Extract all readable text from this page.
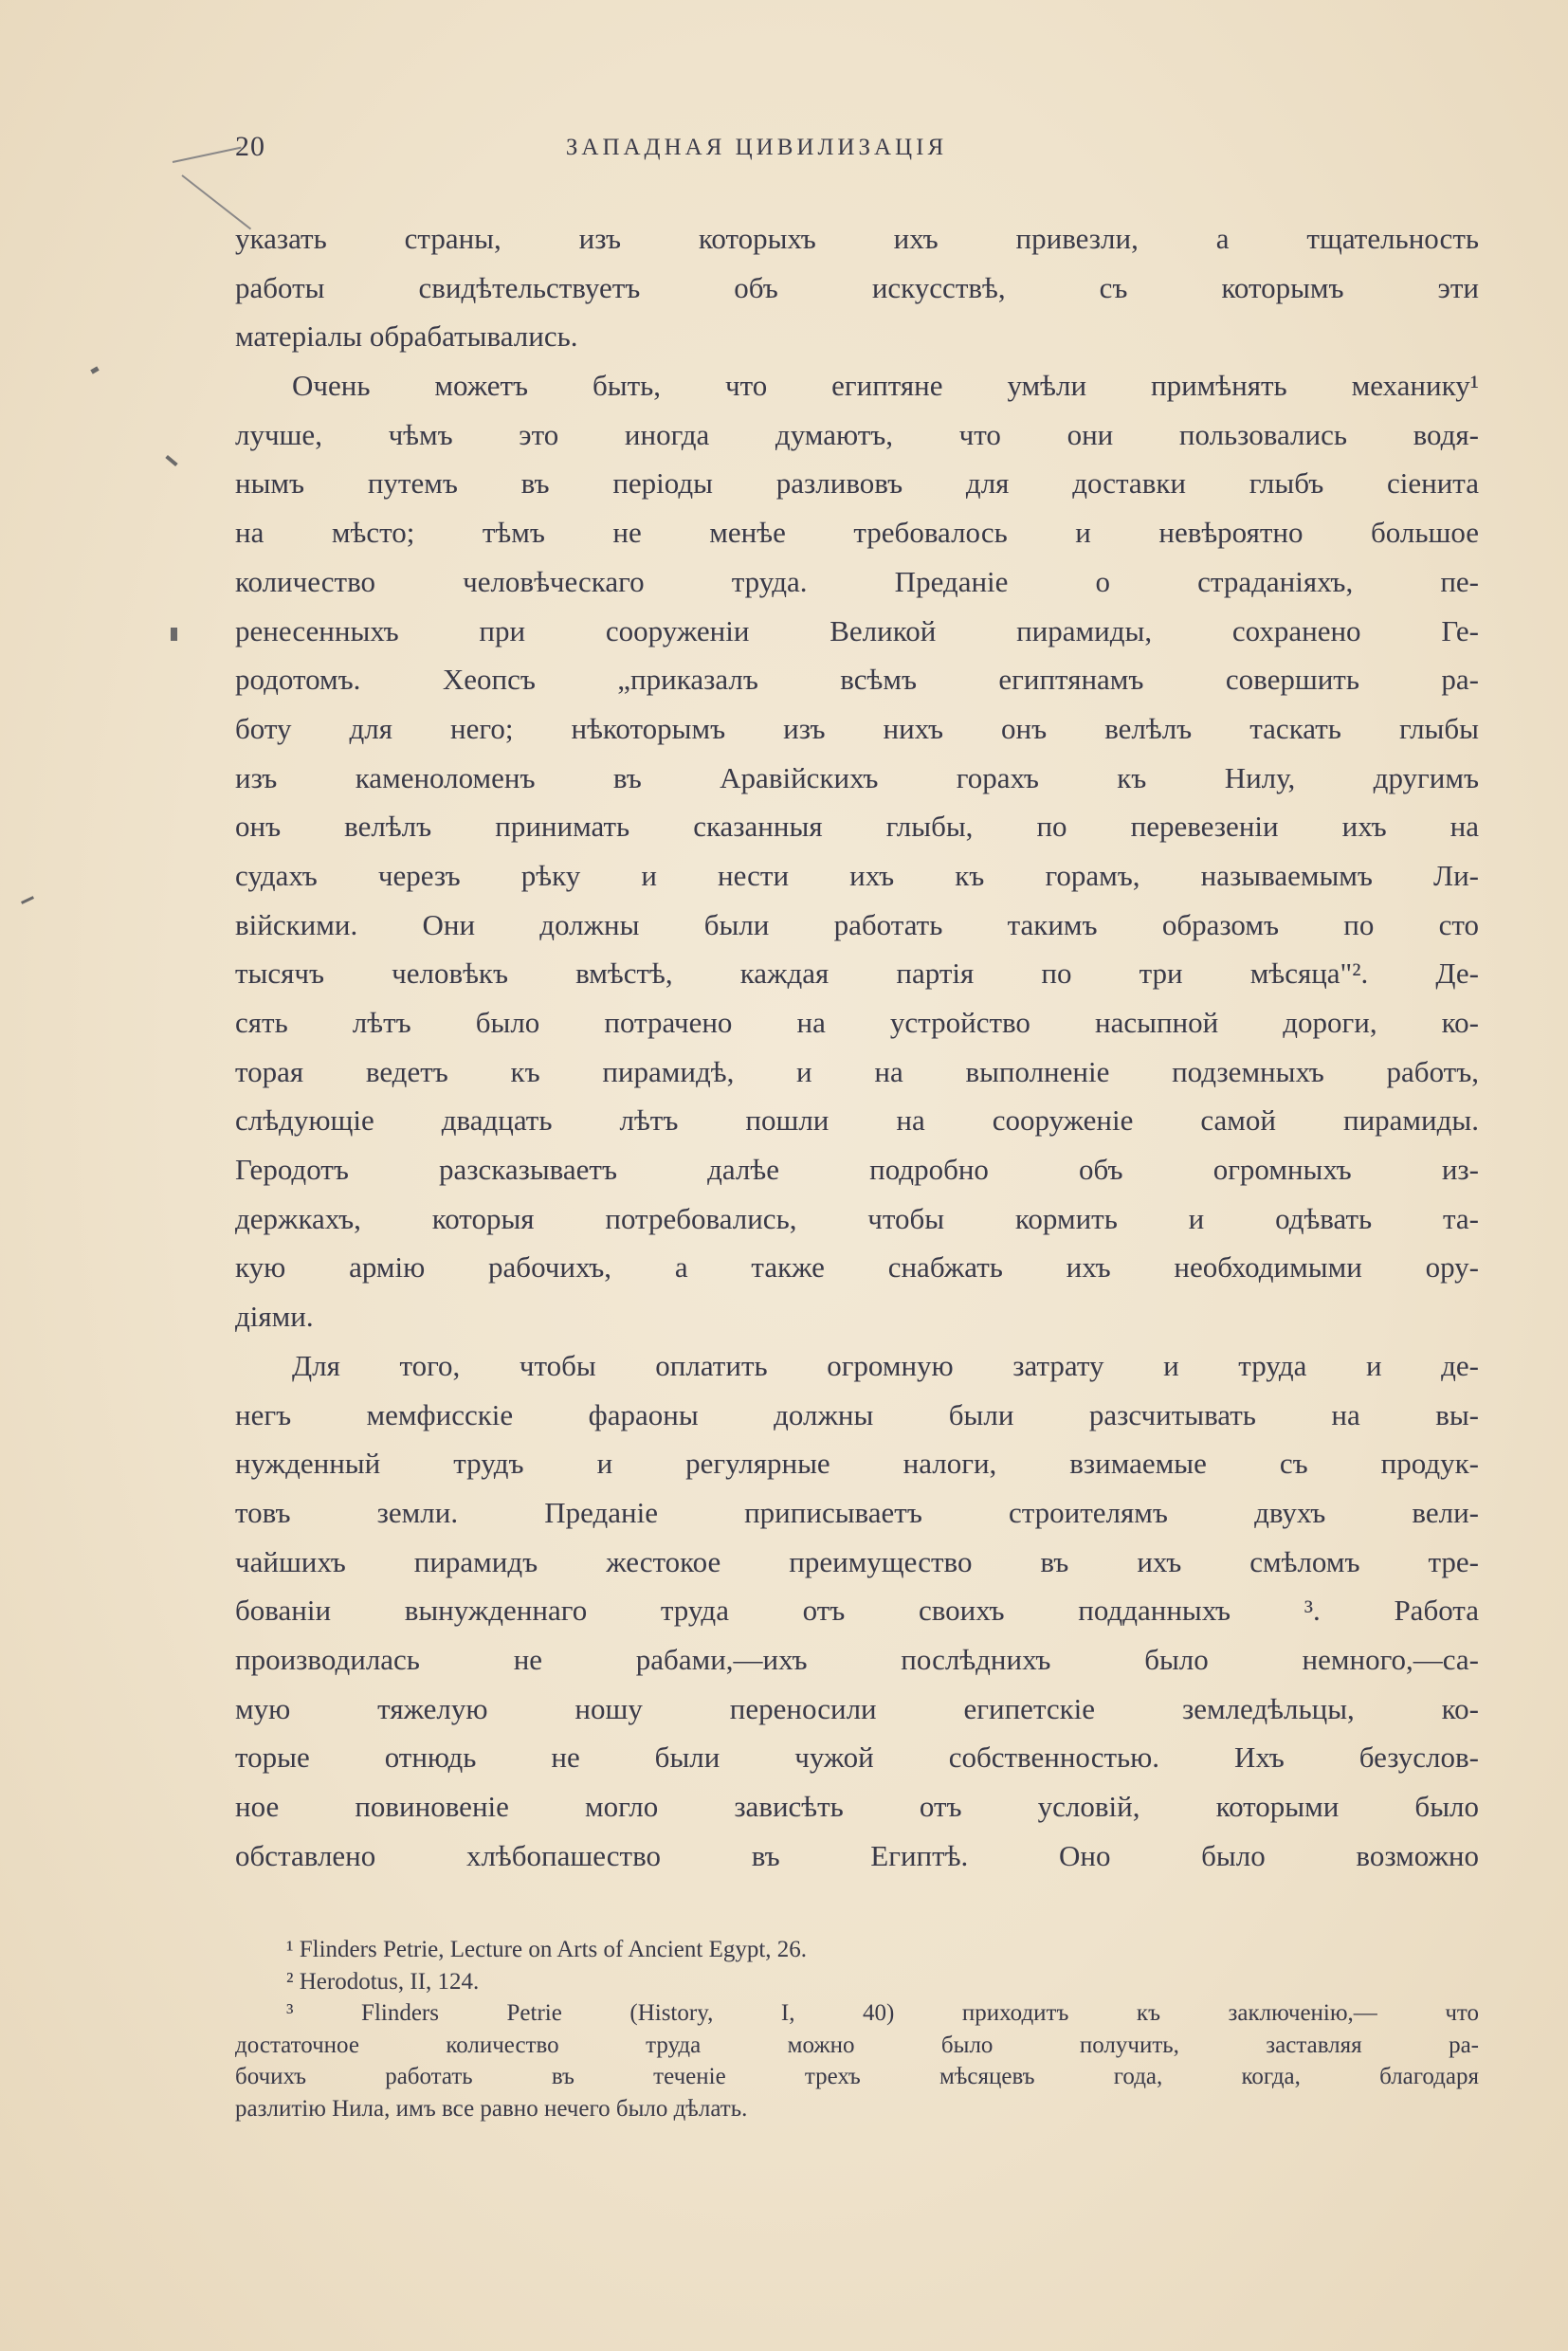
20	ЗАПАДНАЯ ЦИВИЛИЗАЦІЯ
указать страны, изъ которыхъ ихъ привезли, а тщательность
работы свидѣтельствуетъ объ искусствѣ, съ которымъ эти
матеріалы обрабатывались.
Очень можетъ быть, что египтяне умѣли примѣнять механику¹
лучше, чѣмъ это иногда думаютъ, что они пользовались водя-
нымъ путемъ въ періоды разливовъ для доставки глыбъ сіенита
на мѣсто; тѣмъ не менѣе требовалось и невѣроятно большое
количество человѣческаго труда. Преданіе о страданіяхъ, пе-
ренесенныхъ при сооруженіи Великой пирамиды, сохранено Ге-
родотомъ. Хеопсъ „приказалъ всѣмъ египтянамъ совершить ра-
боту для него; нѣкоторымъ изъ нихъ онъ велѣлъ таскать глыбы
изъ каменоломенъ въ Аравійскихъ горахъ къ Нилу, другимъ
онъ велѣлъ принимать сказанныя глыбы, по перевезеніи ихъ на
судахъ черезъ рѣку и нести ихъ къ горамъ, называемымъ Ли-
війскими. Они должны были работать такимъ образомъ по сто
тысячъ человѣкъ вмѣстѣ, каждая партія по три мѣсяца"². Де-
сять лѣтъ было потрачено на устройство насыпной дороги, ко-
торая ведетъ къ пирамидѣ, и на выполненіе подземныхъ работъ,
слѣдующіе двадцать лѣтъ пошли на сооруженіе самой пирамиды.
Геродотъ разсказываетъ далѣе подробно объ огромныхъ из-
держкахъ, которыя потребовались, чтобы кормить и одѣвать та-
кую армію рабочихъ, а также снабжать ихъ необходимыми ору-
діями.
Для того, чтобы оплатить огромную затрату и труда и де-
негъ мемфисскіе фараоны должны были разсчитывать на вы-
нужденный трудъ и регулярные налоги, взимаемые съ продук-
товъ земли. Преданіе приписываетъ строителямъ двухъ вели-
чайшихъ пирамидъ жестокое преимущество въ ихъ смѣломъ тре-
бованіи вынужденнаго труда отъ своихъ подданныхъ ³. Работа
производилась не рабами,—ихъ послѣднихъ было немного,—са-
мую тяжелую ношу переносили египетскіе земледѣльцы, ко-
торые отнюдь не были чужой собственностью. Ихъ безуслов-
ное повиновеніе могло зависѣть отъ условій, которыми было
обставлено хлѣбопашество въ Египтѣ. Оно было возможно
¹ Flinders Petrie, Lecture on Arts of Ancient Egypt, 26.
² Herodotus, II, 124.
³ Flinders Petrie (History, I, 40) приходитъ къ заключенію,— что
достаточное количество труда можно было получить, заставляя ра-
бочихъ работать въ теченіе трехъ мѣсяцевъ года, когда, благодаря
разлитію Нила, имъ все равно нечего было дѣлать.
